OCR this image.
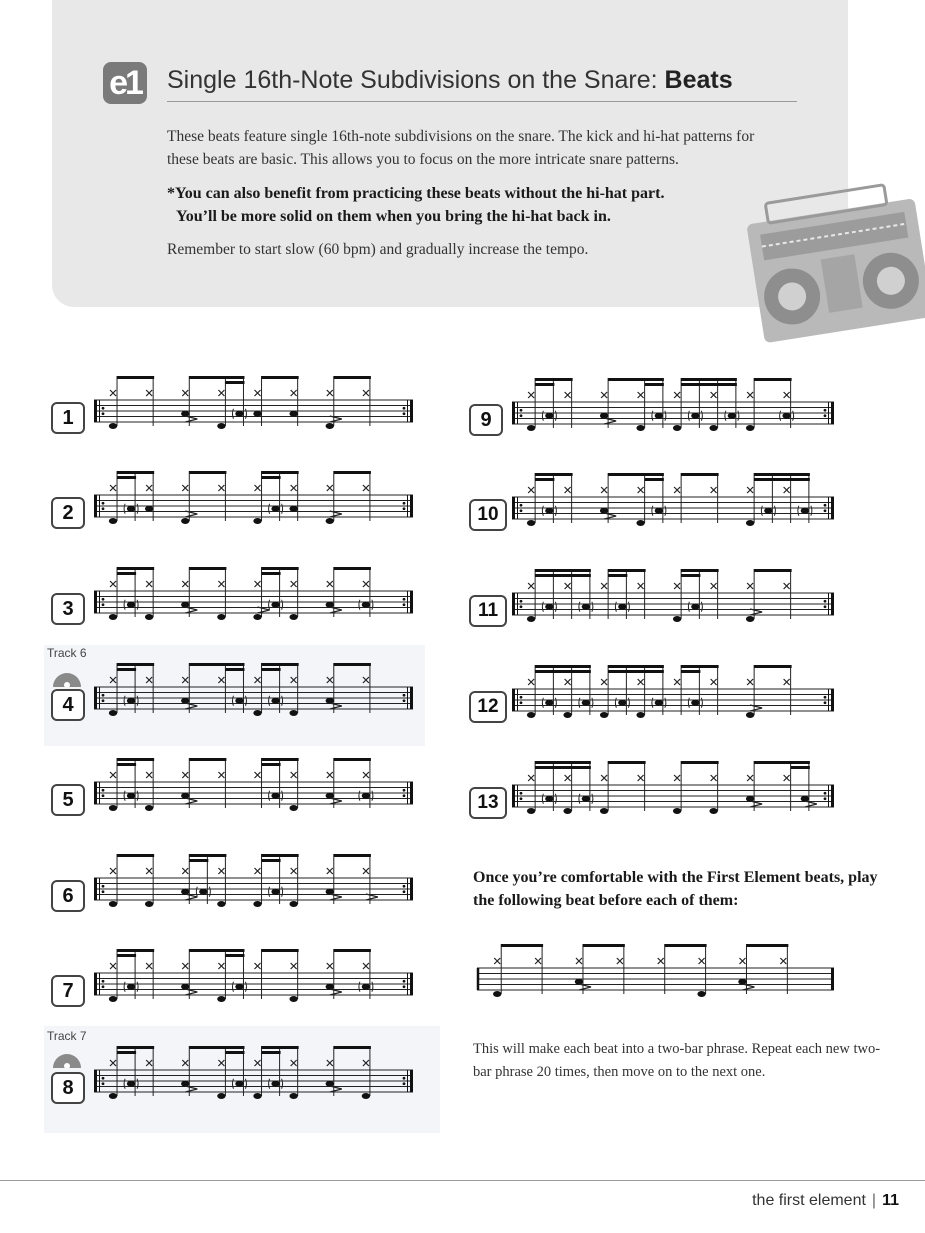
e1 Single 16th-Note Subdivisions on the Snare: Beats
These beats feature single 16th-note subdivisions on the snare. The kick and hi-hat patterns for these beats are basic. This allows you to focus on the more intricate snare patterns.
*You can also benefit from practicing these beats without the hi-hat part.
You’ll be more solid on them when you bring the hi-hat back in.
Remember to start slow (60 bpm) and gradually increase the tempo.
Track 6
Track 7
1
2
3
4
5
6
7
8
9
10
11
12
13
Once you’re comfortable with the First Element beats, play the following beat before each of them:
This will make each beat into a two-bar phrase. Repeat each new two-bar phrase 20 times, then move on to the next one.
the first element | 11
